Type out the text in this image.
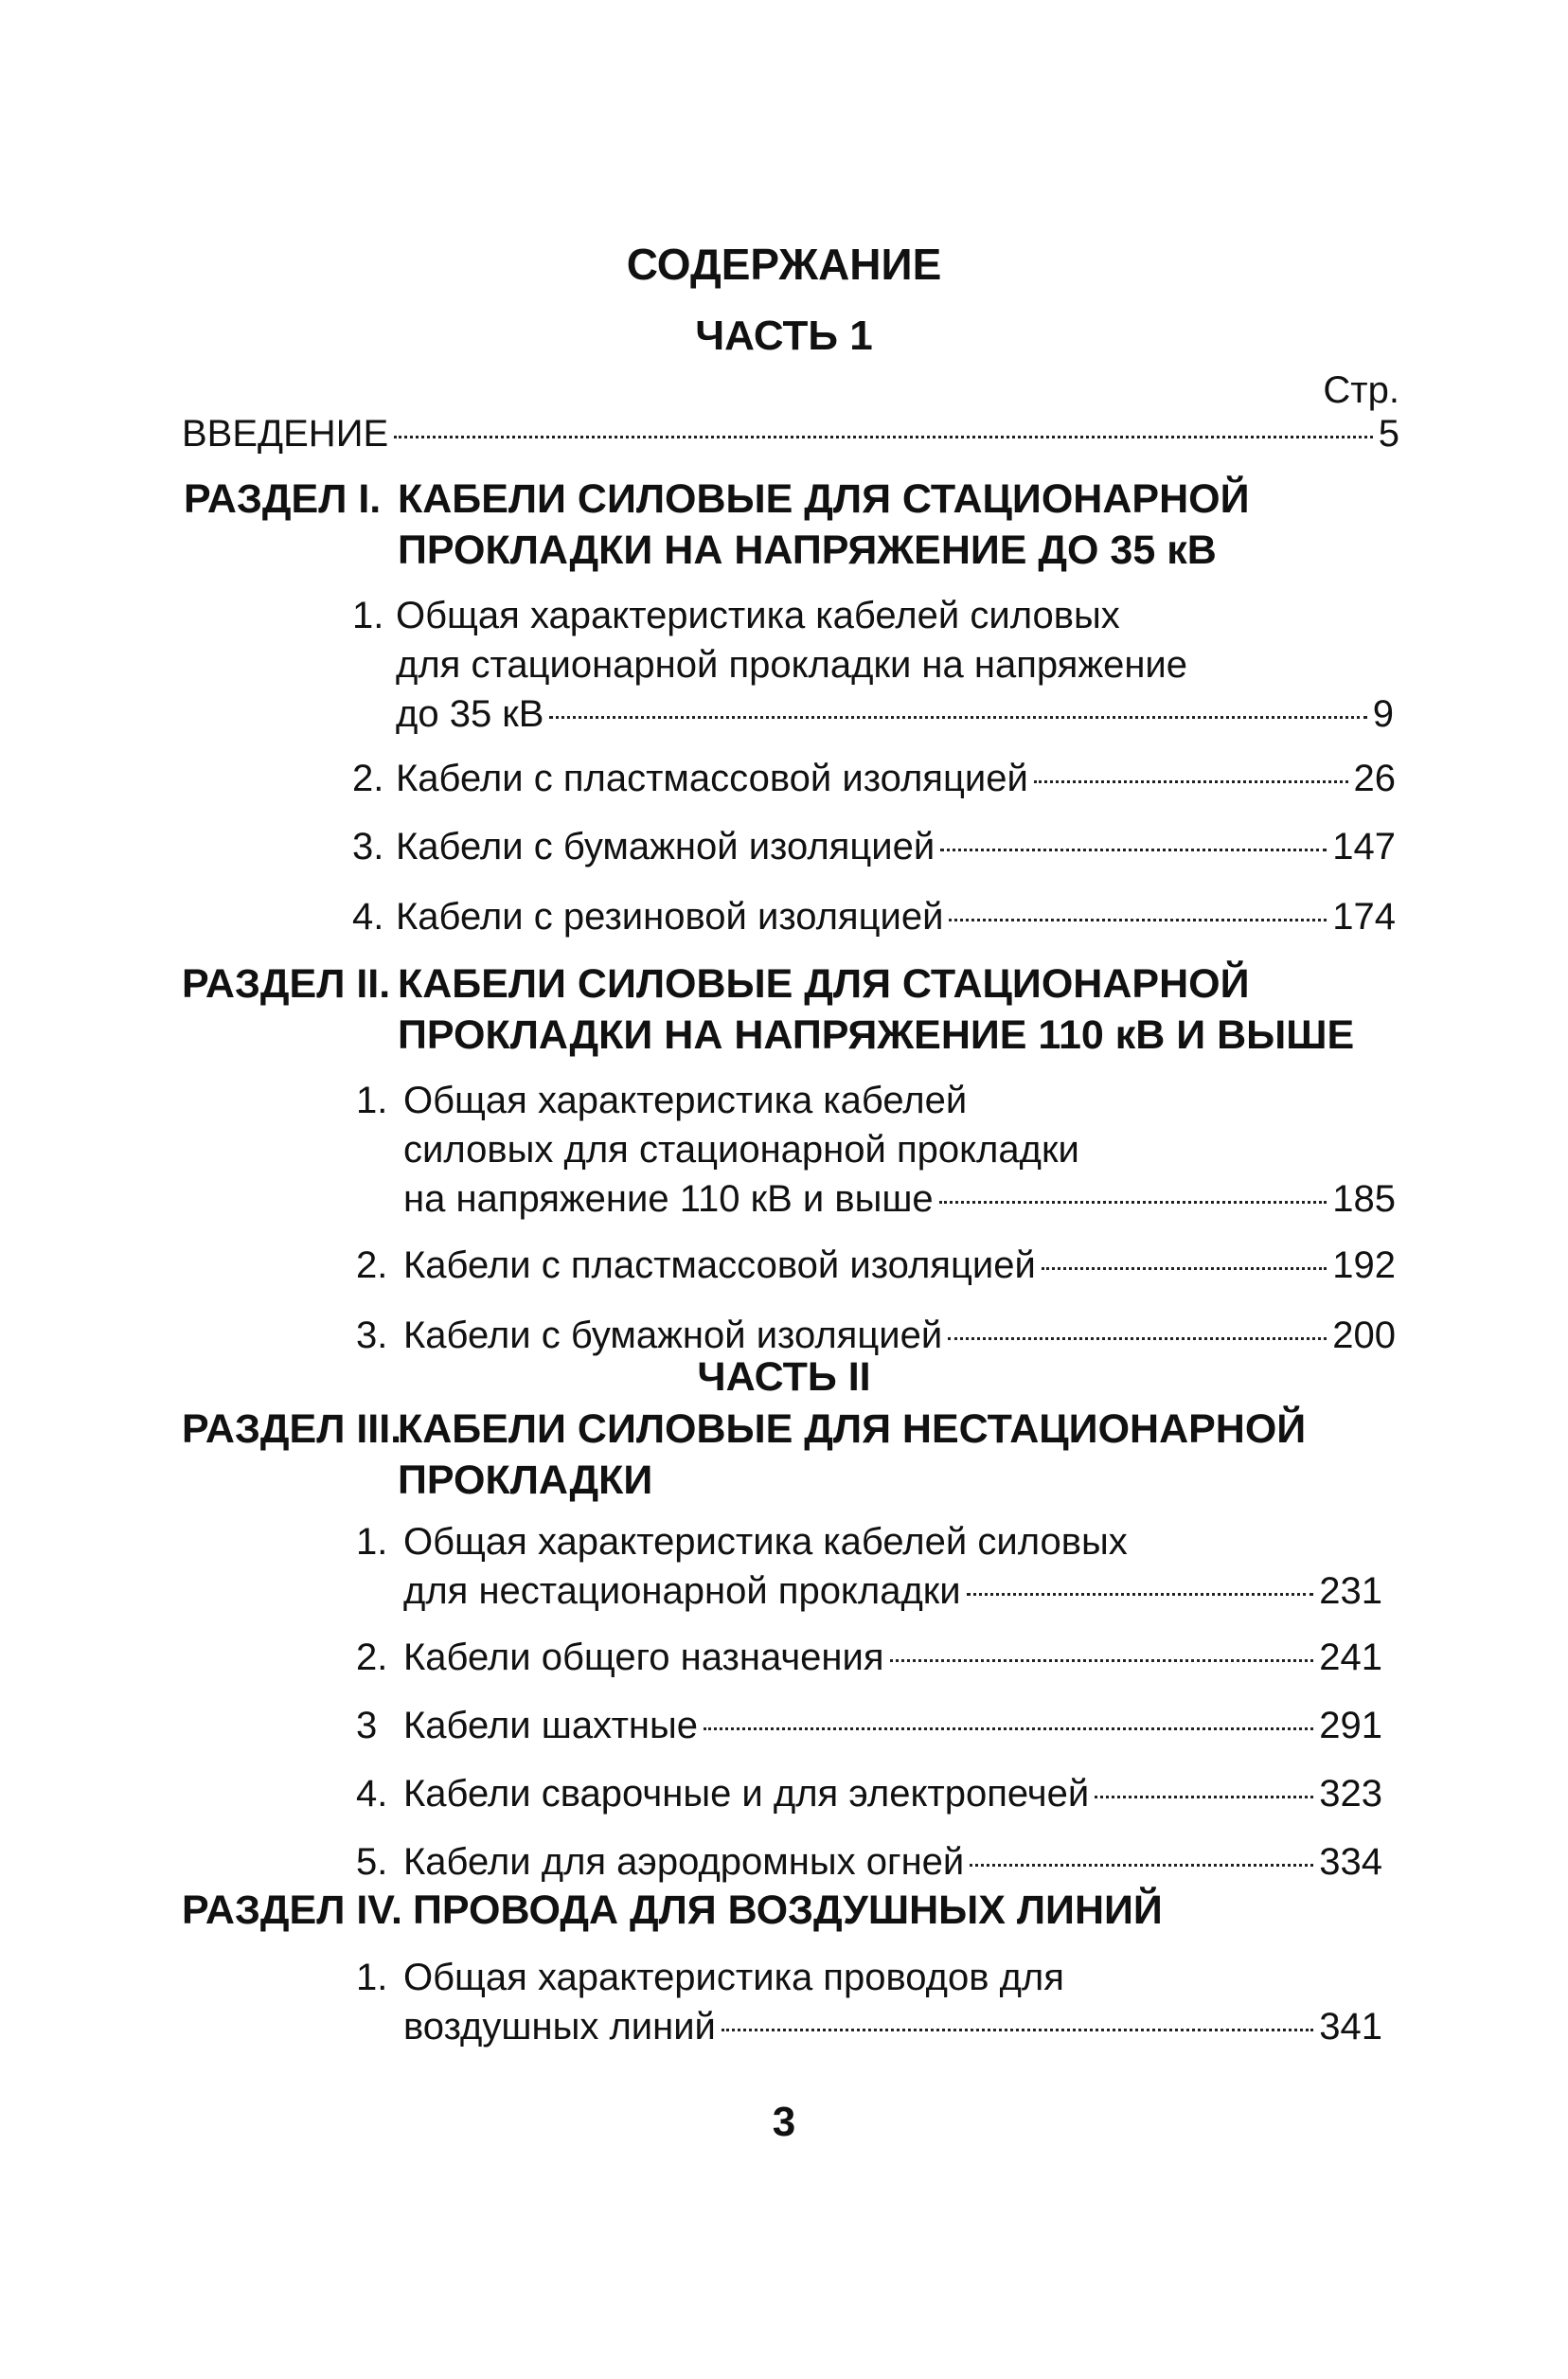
СОДЕРЖАНИЕ
ЧАСТЬ 1
Стр.
ВВЕДЕНИЕ	5
РАЗДЕЛ I. КАБЕЛИ СИЛОВЫЕ ДЛЯ СТАЦИОНАРНОЙ
ПРОКЛАДКИ НА НАПРЯЖЕНИЕ ДО 35 кВ
1. Общая характеристика кабелей силовых
для стационарной прокладки на напряжение
до 35 кВ	9
2. Кабели с пластмассовой изоляцией	26
3. Кабели с бумажной изоляцией	147
4. Кабели с резиновой изоляцией	174
РАЗДЕЛ II. КАБЕЛИ СИЛОВЫЕ ДЛЯ СТАЦИОНАРНОЙ
ПРОКЛАДКИ НА НАПРЯЖЕНИЕ 110 кВ И ВЫШЕ
1. Общая характеристика кабелей
силовых для стационарной прокладки
на напряжение 110 кВ и выше	185
2. Кабели с пластмассовой изоляцией	192
3. Кабели с бумажной изоляцией	200
ЧАСТЬ II
РАЗДЕЛ III.
КАБЕЛИ СИЛОВЫЕ ДЛЯ НЕСТАЦИОНАРНОЙ
ПРОКЛАДКИ
1. Общая характеристика кабелей силовых
для нестационарной прокладки	231
2. Кабели общего назначения	241
3 Кабели шахтные	291
4. Кабели сварочные и для электропечей	323
5. Кабели для аэродромных огней	334
РАЗДЕЛ IV. ПРОВОДА ДЛЯ ВОЗДУШНЫХ ЛИНИЙ
1. Общая характеристика проводов для
воздушных линий	341
3
